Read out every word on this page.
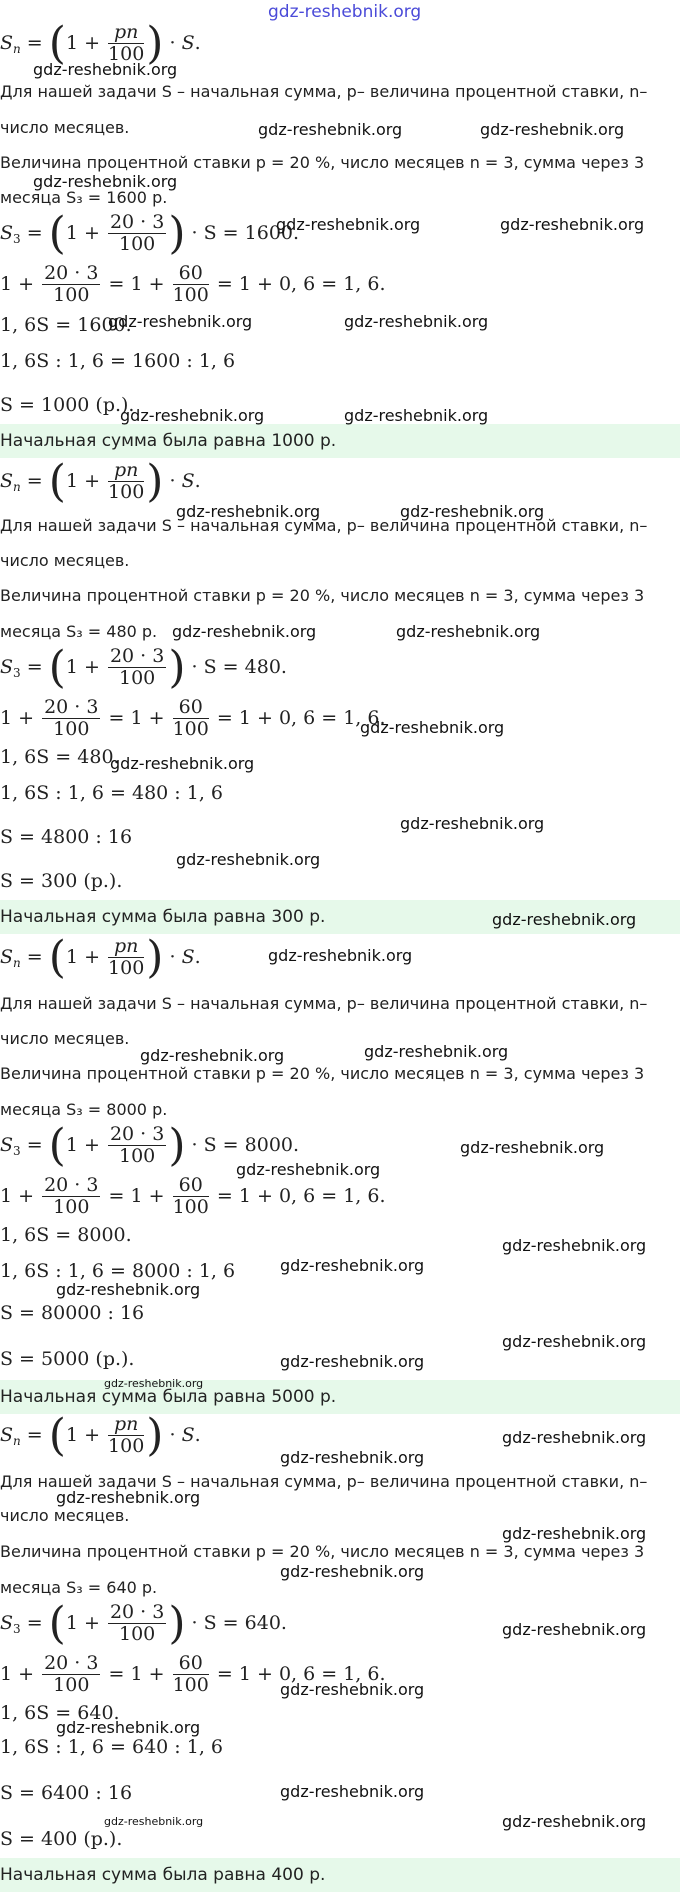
gdz-reshebnik.org
$S_n = (1 + \frac{pn}{100}$ ) · S.
gdz-reshebnik.org
Для нашей задачи S – начальная сумма, p– величина процентной ставки, n–
число месяцев.	gdz-reshebnik.org	gdz-reshebnik.org
Величина процентной ставки p = 20 %, число месяцев n = 3, сумма через 3
gdz-reshebnik.org
месяца S₃ = 1600 р.
$S_3 = (1 + \frac{20 \cdot 3}{100}$ ) · S = 1600.
gdz-reshebnik.org	gdz-reshebnik.org
$1 + \frac{20 \cdot 3}{100} = 1 + \frac{60}{100} = 1 + 0$, 6 = 1, 6.
1, 6S = 1600.
gdz-reshebnik.org	gdz-reshebnik.org
1, 6S : 1, 6 = 1600 : 1, 6
S = 1000 (р.).
gdz-reshebnik.org	gdz-reshebnik.org
Начальная сумма была равна 1000 р.
$S_n = (1 + \frac{pn}{100}$ ) · S.
gdz-reshebnik.org	gdz-reshebnik.org
Для нашей задачи S – начальная сумма, p– величина процентной ставки, n–
число месяцев.
Величина процентной ставки p = 20 %, число месяцев n = 3, сумма через 3
месяца S₃ = 480 р. gdz-reshebnik.org	gdz-reshebnik.org
$S_3 = (1 + \frac{20 \cdot 3}{100}$ ) · S = 480.
$1 + \frac{20 \cdot 3}{100} = 1 + \frac{60}{100} = 1 + 0$, 6 = 1, 6.
gdz-reshebnik.org
1, 6S = 480.
gdz-reshebnik.org
1, 6S : 1, 6 = 480 : 1, 6
gdz-reshebnik.org
S = 4800 : 16
gdz-reshebnik.org
S = 300 (р.).
Начальная сумма была равна 300 р.	gdz-reshebnik.org
$S_n = (1 + \frac{pn}{100}$ ) · S.	gdz-reshebnik.org
Для нашей задачи S – начальная сумма, p– величина процентной ставки, n–
число месяцев.
gdz-reshebnik.org	gdz-reshebnik.org
Величина процентной ставки p = 20 %, число месяцев n = 3, сумма через 3
месяца S₃ = 8000 р.
$S_3 = (1 + \frac{20 \cdot 3}{100}$ ) · S = 8000.	gdz-reshebnik.org
gdz-reshebnik.org
$1 + \frac{20 \cdot 3}{100} = 1 + \frac{60}{100} = 1 + 0$, 6 = 1, 6.
1, 6S = 8000.	gdz-reshebnik.org
1, 6S : 1, 6 = 8000 : 1, 6	gdz-reshebnik.org
gdz-reshebnik.org
S = 80000 : 16
gdz-reshebnik.org
S = 5000 (р.).	gdz-reshebnik.org
gdz-reshebnik.org
Начальная сумма была равна 5000 р.
$S_n = (1 + \frac{pn}{100}$ ) · S.	gdz-reshebnik.org
gdz-reshebnik.org
Для нашей задачи S – начальная сумма, p– величина процентной ставки, n–
gdz-reshebnik.org
число месяцев.
gdz-reshebnik.org
Величина процентной ставки p = 20 %, число месяцев n = 3, сумма через 3
gdz-reshebnik.org
месяца S₃ = 640 р.
$S_3 = (1 + \frac{20 \cdot 3}{100}$ ) · S = 640.	gdz-reshebnik.org
$1 + \frac{20 \cdot 3}{100} = 1 + \frac{60}{100} = 1 + 0$, 6 = 1, 6.
gdz-reshebnik.org
1, 6S = 640.
gdz-reshebnik.org
1, 6S : 1, 6 = 640 : 1, 6
S = 6400 : 16	gdz-reshebnik.org
gdz-reshebnik.org
gdz-reshebnik.org
S = 400 (р.).
Начальная сумма была равна 400 р.
